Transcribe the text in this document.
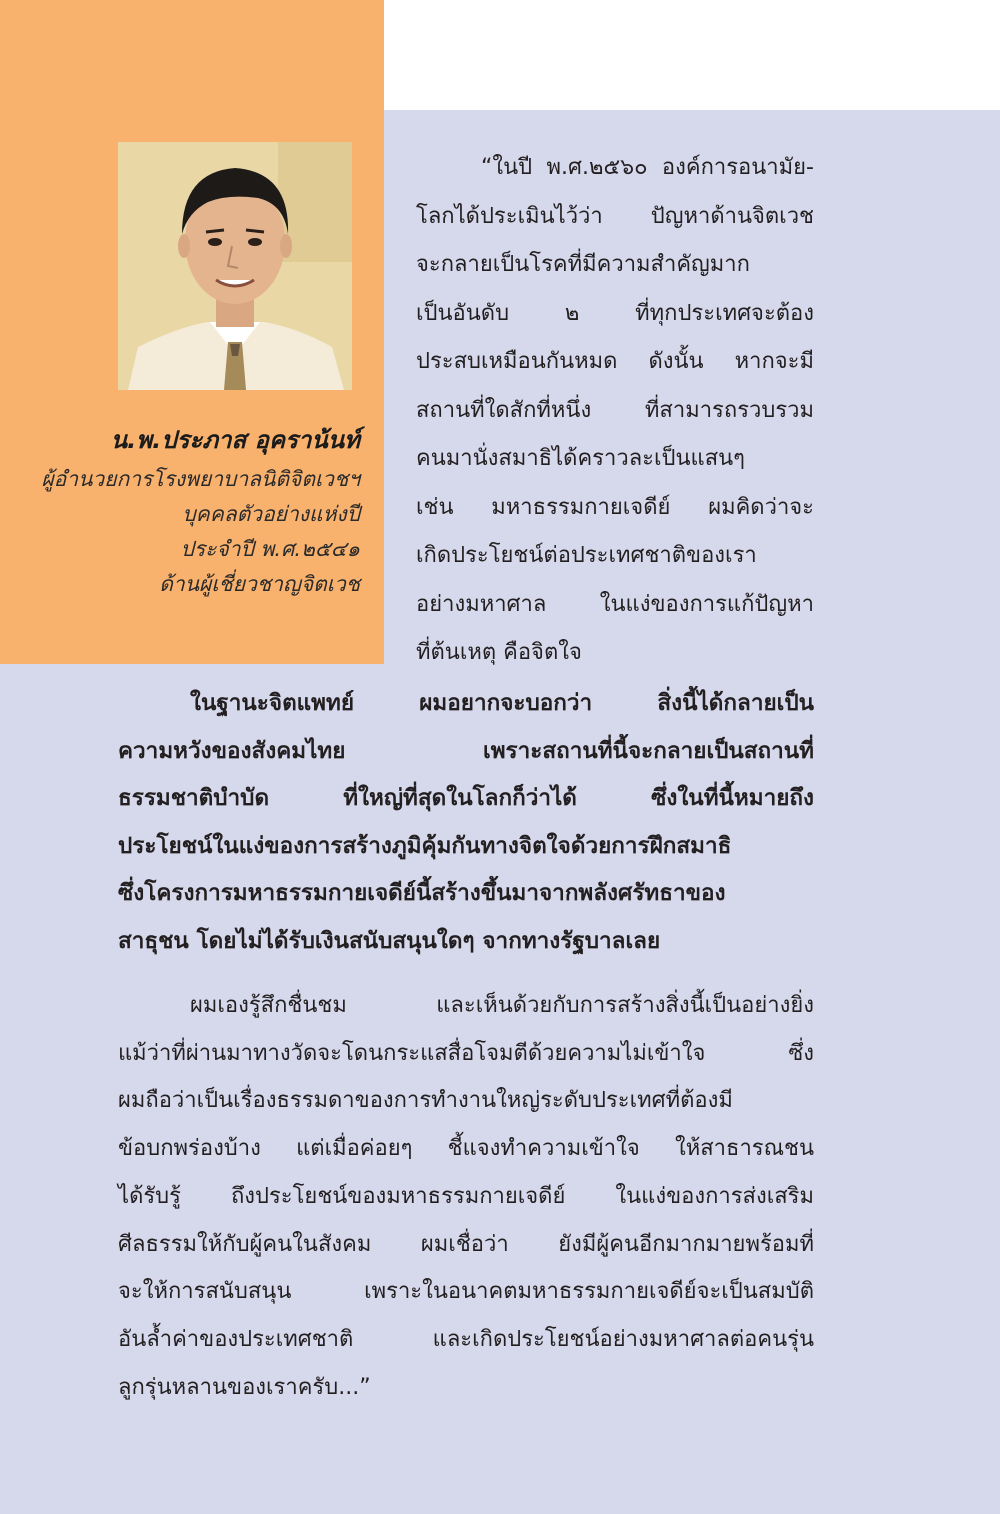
น.พ.ประภาส อุคราน้นท์
ผู้อำนวยการโรงพยาบาลนิติจิตเวชฯ
บุคคลตัวอย่างแห่งปี
ประจำปี พ.ศ.๒๕๔๑
ด้านผู้เชี่ยวชาญจิตเวช
“ในปี พ.ศ.๒๕๖๐ องค์การอนามัย-
โลกได้ประเมินไว้ว่า ปัญหาด้านจิตเวช
จะกลายเป็นโรคที่มีความสำคัญมาก
เป็นอันดับ ๒ ที่ทุกประเทศจะต้อง
ประสบเหมือนกันหมด ดังนั้น หากจะมี
สถานที่ใดสักที่หนึ่ง ที่สามารถรวบรวม
คนมานั่งสมาธิได้คราวละเป็นแสนๆ
เช่น มหาธรรมกายเจดีย์ ผมคิดว่าจะ
เกิดประโยชน์ต่อประเทศชาติของเรา
อย่างมหาศาล ในแง่ของการแก้ปัญหา
ที่ต้นเหตุ คือจิตใจ
ในฐานะจิตแพทย์ ผมอยากจะบอกว่า สิ่งนี้ได้กลายเป็น
ความหวังของสังคมไทย เพราะสถานที่นี้จะกลายเป็นสถานที่
ธรรมชาติบำบัด ที่ใหญ่ที่สุดในโลกก็ว่าได้ ซึ่งในที่นี้หมายถึง
ประโยชน์ในแง่ของการสร้างภูมิคุ้มกันทางจิตใจด้วยการฝึกสมาธิ
ซึ่งโครงการมหาธรรมกายเจดีย์นี้สร้างขึ้นมาจากพลังศรัทธาของ
สาธุชน โดยไม่ได้รับเงินสนับสนุนใดๆ จากทางรัฐบาลเลย
ผมเองรู้สึกชื่นชม และเห็นด้วยกับการสร้างสิ่งนี้เป็นอย่างยิ่ง
แม้ว่าที่ผ่านมาทางวัดจะโดนกระแสสื่อโจมตีด้วยความไม่เข้าใจ ซึ่ง
ผมถือว่าเป็นเรื่องธรรมดาของการทำงานใหญ่ระดับประเทศที่ต้องมี
ข้อบกพร่องบ้าง แต่เมื่อค่อยๆ ชี้แจงทำความเข้าใจ ให้สาธารณชน
ได้รับรู้ ถึงประโยชน์ของมหาธรรมกายเจดีย์ ในแง่ของการส่งเสริม
ศีลธรรมให้กับผู้คนในสังคม ผมเชื่อว่า ยังมีผู้คนอีกมากมายพร้อมที่
จะให้การสนับสนุน เพราะในอนาคตมหาธรรมกายเจดีย์จะเป็นสมบัติ
อันล้ำค่าของประเทศชาติ และเกิดประโยชน์อย่างมหาศาลต่อคนรุ่น
ลูกรุ่นหลานของเราครับ...”
